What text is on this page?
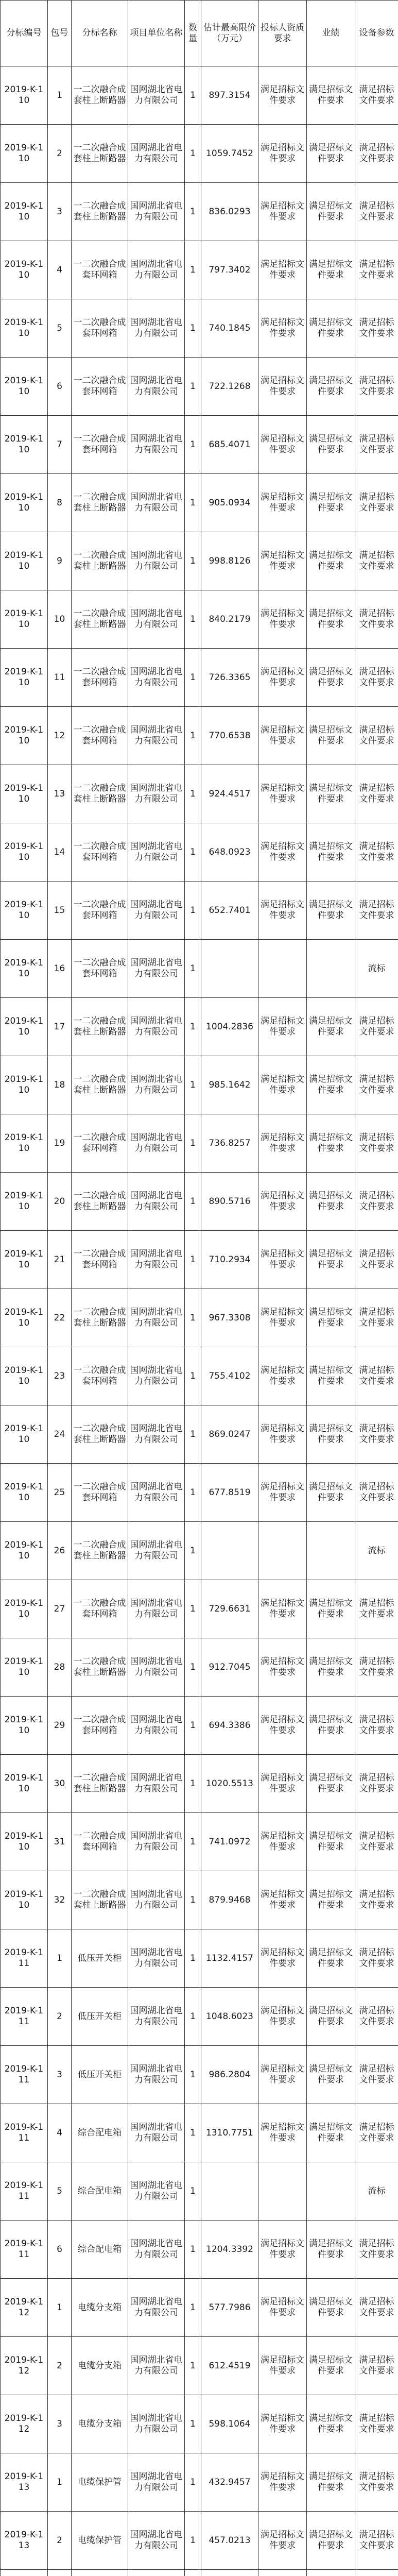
分标编号	包号	分标名称	项目单位名称	数量	估计最高限价（万元）	投标人资质要求	业绩	设备参数
2019-K-110	1	一二次融合成套柱上断路器	国网湖北省电力有限公司	1	897.3154	满足招标文件要求	满足招标文件要求	满足招标文件要求
2019-K-110	2	一二次融合成套柱上断路器	国网湖北省电力有限公司	1	1059.7452	满足招标文件要求	满足招标文件要求	满足招标文件要求
2019-K-110	3	一二次融合成套柱上断路器	国网湖北省电力有限公司	1	836.0293	满足招标文件要求	满足招标文件要求	满足招标文件要求
2019-K-110	4	一二次融合成套环网箱	国网湖北省电力有限公司	1	797.3402	满足招标文件要求	满足招标文件要求	满足招标文件要求
2019-K-110	5	一二次融合成套环网箱	国网湖北省电力有限公司	1	740.1845	满足招标文件要求	满足招标文件要求	满足招标文件要求
2019-K-110	6	一二次融合成套环网箱	国网湖北省电力有限公司	1	722.1268	满足招标文件要求	满足招标文件要求	满足招标文件要求
2019-K-110	7	一二次融合成套环网箱	国网湖北省电力有限公司	1	685.4071	满足招标文件要求	满足招标文件要求	满足招标文件要求
2019-K-110	8	一二次融合成套柱上断路器	国网湖北省电力有限公司	1	905.0934	满足招标文件要求	满足招标文件要求	满足招标文件要求
2019-K-110	9	一二次融合成套柱上断路器	国网湖北省电力有限公司	1	998.8126	满足招标文件要求	满足招标文件要求	满足招标文件要求
2019-K-110	10	一二次融合成套柱上断路器	国网湖北省电力有限公司	1	840.2179	满足招标文件要求	满足招标文件要求	满足招标文件要求
2019-K-110	11	一二次融合成套环网箱	国网湖北省电力有限公司	1	726.3365	满足招标文件要求	满足招标文件要求	满足招标文件要求
2019-K-110	12	一二次融合成套环网箱	国网湖北省电力有限公司	1	770.6538	满足招标文件要求	满足招标文件要求	满足招标文件要求
2019-K-110	13	一二次融合成套柱上断路器	国网湖北省电力有限公司	1	924.4517	满足招标文件要求	满足招标文件要求	满足招标文件要求
2019-K-110	14	一二次融合成套环网箱	国网湖北省电力有限公司	1	648.0923	满足招标文件要求	满足招标文件要求	满足招标文件要求
2019-K-110	15	一二次融合成套环网箱	国网湖北省电力有限公司	1	652.7401	满足招标文件要求	满足招标文件要求	满足招标文件要求
2019-K-110	16	一二次融合成套环网箱	国网湖北省电力有限公司	1				流标
2019-K-110	17	一二次融合成套柱上断路器	国网湖北省电力有限公司	1	1004.2836	满足招标文件要求	满足招标文件要求	满足招标文件要求
2019-K-110	18	一二次融合成套柱上断路器	国网湖北省电力有限公司	1	985.1642	满足招标文件要求	满足招标文件要求	满足招标文件要求
2019-K-110	19	一二次融合成套环网箱	国网湖北省电力有限公司	1	736.8257	满足招标文件要求	满足招标文件要求	满足招标文件要求
2019-K-110	20	一二次融合成套柱上断路器	国网湖北省电力有限公司	1	890.5716	满足招标文件要求	满足招标文件要求	满足招标文件要求
2019-K-110	21	一二次融合成套环网箱	国网湖北省电力有限公司	1	710.2934	满足招标文件要求	满足招标文件要求	满足招标文件要求
2019-K-110	22	一二次融合成套柱上断路器	国网湖北省电力有限公司	1	967.3308	满足招标文件要求	满足招标文件要求	满足招标文件要求
2019-K-110	23	一二次融合成套环网箱	国网湖北省电力有限公司	1	755.4102	满足招标文件要求	满足招标文件要求	满足招标文件要求
2019-K-110	24	一二次融合成套柱上断路器	国网湖北省电力有限公司	1	869.0247	满足招标文件要求	满足招标文件要求	满足招标文件要求
2019-K-110	25	一二次融合成套环网箱	国网湖北省电力有限公司	1	677.8519	满足招标文件要求	满足招标文件要求	满足招标文件要求
2019-K-110	26	一二次融合成套柱上断路器	国网湖北省电力有限公司	1				流标
2019-K-110	27	一二次融合成套环网箱	国网湖北省电力有限公司	1	729.6631	满足招标文件要求	满足招标文件要求	满足招标文件要求
2019-K-110	28	一二次融合成套柱上断路器	国网湖北省电力有限公司	1	912.7045	满足招标文件要求	满足招标文件要求	满足招标文件要求
2019-K-110	29	一二次融合成套环网箱	国网湖北省电力有限公司	1	694.3386	满足招标文件要求	满足招标文件要求	满足招标文件要求
2019-K-110	30	一二次融合成套柱上断路器	国网湖北省电力有限公司	1	1020.5513	满足招标文件要求	满足招标文件要求	满足招标文件要求
2019-K-110	31	一二次融合成套环网箱	国网湖北省电力有限公司	1	741.0972	满足招标文件要求	满足招标文件要求	满足招标文件要求
2019-K-110	32	一二次融合成套柱上断路器	国网湖北省电力有限公司	1	879.9468	满足招标文件要求	满足招标文件要求	满足招标文件要求
2019-K-111	1	低压开关柜	国网湖北省电力有限公司	1	1132.4157	满足招标文件要求	满足招标文件要求	满足招标文件要求
2019-K-111	2	低压开关柜	国网湖北省电力有限公司	1	1048.6023	满足招标文件要求	满足招标文件要求	满足招标文件要求
2019-K-111	3	低压开关柜	国网湖北省电力有限公司	1	986.2804	满足招标文件要求	满足招标文件要求	满足招标文件要求
2019-K-111	4	综合配电箱	国网湖北省电力有限公司	1	1310.7751	满足招标文件要求	满足招标文件要求	满足招标文件要求
2019-K-111	5	综合配电箱	国网湖北省电力有限公司	1				流标
2019-K-111	6	综合配电箱	国网湖北省电力有限公司	1	1204.3392	满足招标文件要求	满足招标文件要求	满足招标文件要求
2019-K-112	1	电缆分支箱	国网湖北省电力有限公司	1	577.7986	满足招标文件要求	满足招标文件要求	满足招标文件要求
2019-K-112	2	电缆分支箱	国网湖北省电力有限公司	1	612.4519	满足招标文件要求	满足招标文件要求	满足招标文件要求
2019-K-112	3	电缆分支箱	国网湖北省电力有限公司	1	598.1064	满足招标文件要求	满足招标文件要求	满足招标文件要求
2019-K-113	1	电缆保护管	国网湖北省电力有限公司	1	432.9457	满足招标文件要求	满足招标文件要求	满足招标文件要求
2019-K-113	2	电缆保护管	国网湖北省电力有限公司	1	457.0213	满足招标文件要求	满足招标文件要求	满足招标文件要求
